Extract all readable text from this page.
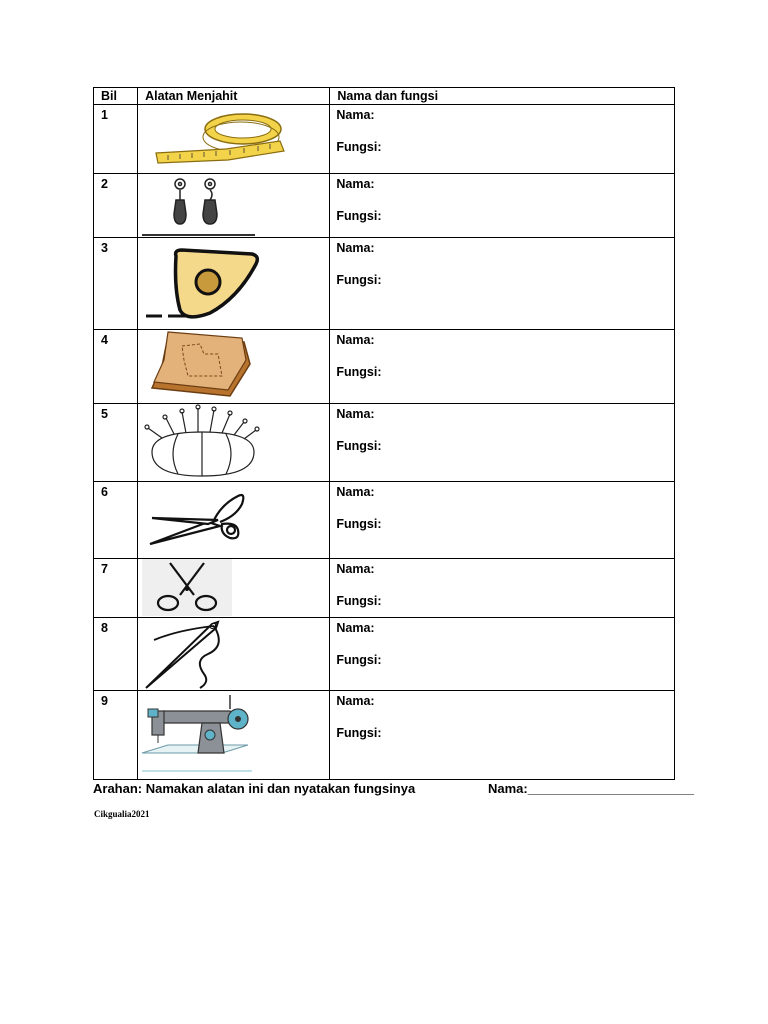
Bil	Alatan Menjahit	Nama dan fungsi
1		Nama:
Fungsi:

2		Nama:
Fungsi:

3		Nama:
Fungsi:

4		Nama:
Fungsi:

5		Nama:
Fungsi:

6		Nama:
Fungsi:

7		Nama:
Fungsi:

8		Nama:
Fungsi:

9		Nama:
Fungsi:
Arahan: Namakan alatan ini dan nyatakan fungsinya	Nama:_______________________
Cikgualia2021
